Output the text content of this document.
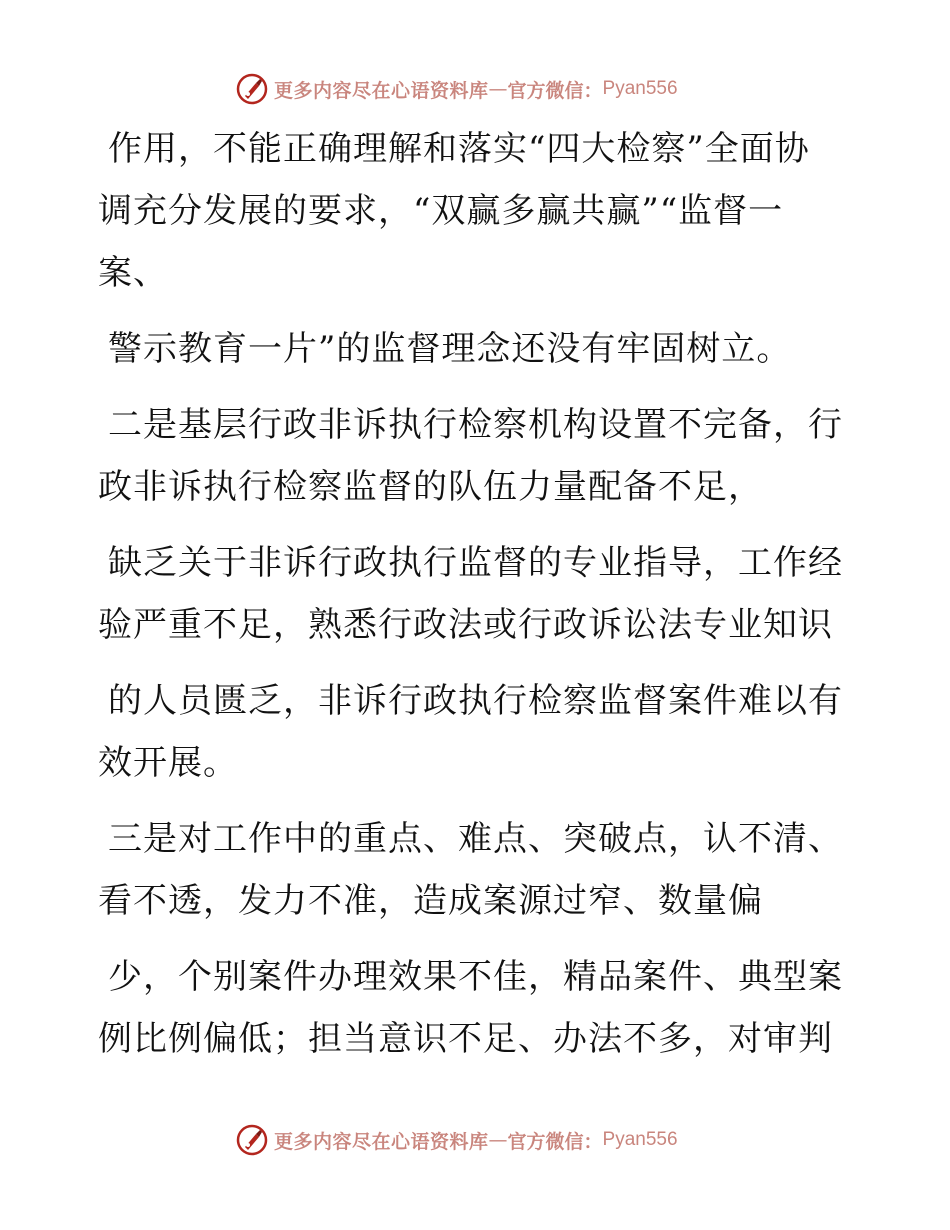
更多内容尽在心语资料库 — 官方微信： Pyan556
作用，不能正确理解和落实“四大检察”全面协
调充分发展的要求，“双赢多赢共赢”“监督一
案、
警示教育一片”的监督理念还没有牢固树立。
二是基层行政非诉执行检察机构设置不完备，行
政非诉执行检察监督的队伍力量配备不足，
缺乏关于非诉行政执行监督的专业指导，工作经
验严重不足，熟悉行政法或行政诉讼法专业知识
的人员匮乏，非诉行政执行检察监督案件难以有
效开展。
三是对工作中的重点、难点、突破点，认不清、
看不透，发力不准，造成案源过窄、数量偏
少，个别案件办理效果不佳，精品案件、典型案
例比例偏低；担当意识不足、办法不多，对审判
更多内容尽在心语资料库 — 官方微信： Pyan556
